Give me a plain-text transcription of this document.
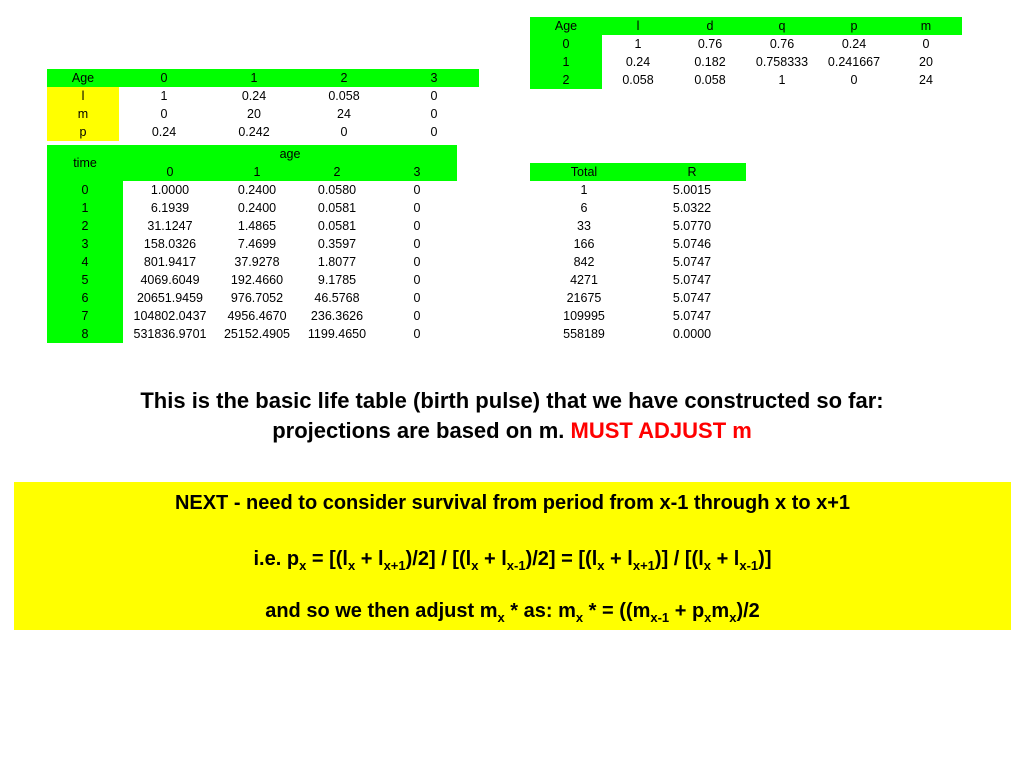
Age	l	d	q	p	m
0	1	0.76	0.76	0.24	0
1	0.24	0.182	0.758333	0.241667	20
2	0.058	0.058	1	0	24
Age	0	1	2	3
l	1	0.24	0.058	0
m	0	20	24	0
p	0.24	0.242	0	0
time	age			
	0	1	2	3
0	1.0000	0.2400	0.0580	0
1	6.1939	0.2400	0.0581	0
2	31.1247	1.4865	0.0581	0
3	158.0326	7.4699	0.3597	0
4	801.9417	37.9278	1.8077	0
5	4069.6049	192.4660	9.1785	0
6	20651.9459	976.7052	46.5768	0
7	104802.0437	4956.4670	236.3626	0
8	531836.9701	25152.4905	1199.4650	0
Total	R
1	5.0015
6	5.0322
33	5.0770
166	5.0746
842	5.0747
4271	5.0747
21675	5.0747
109995	5.0747
558189	0.0000
This is the basic life table (birth pulse) that we have constructed so far:
projections are based on m. MUST ADJUST m

NEXT - need to consider survival from period from x-1 through x to x+1

i.e. $p_x = [(l_x + l_{x+1})/2] / [(l_x + l_{x-1})/2] = [(l_x + l_{x+1})] / [(l_x + l_{x-1})]$

and so we then adjust $m_x$ * as: $m_x$ * = ($(m_{x-1} + p_xm_x)/2$
